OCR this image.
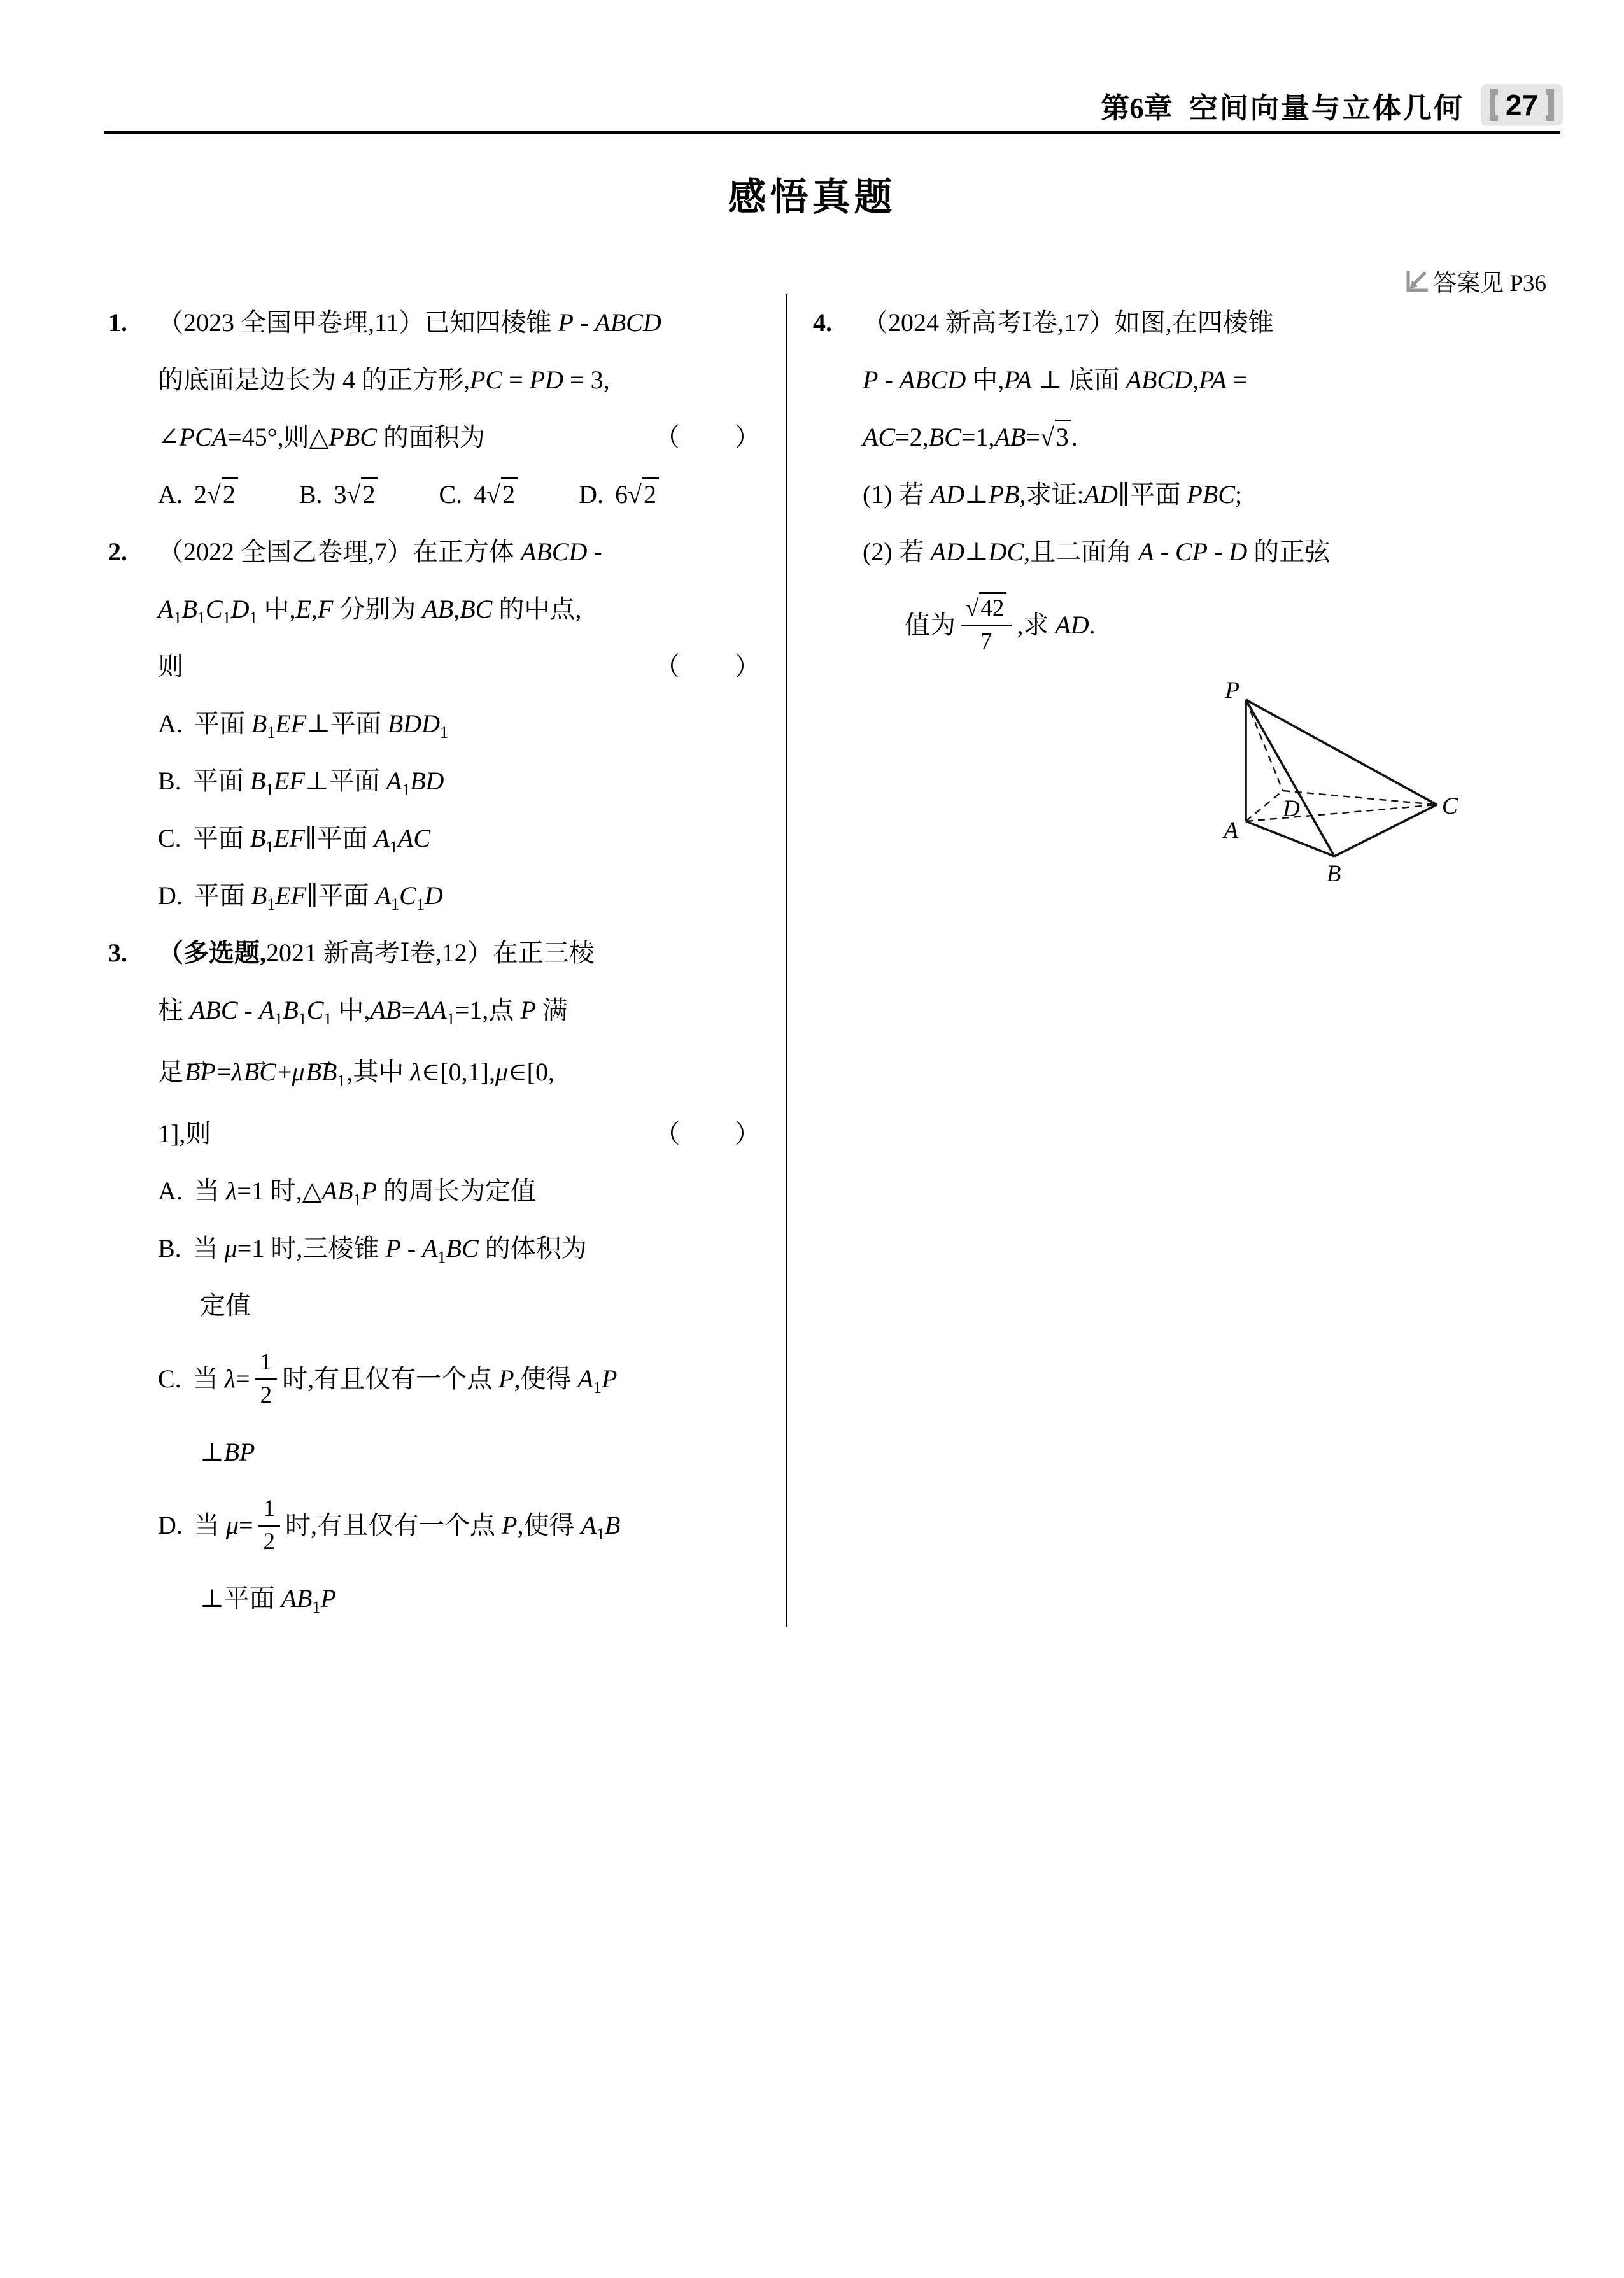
第6章 空间向量与立体几何 27
感悟真题
答案见 P36
1. （2023 全国甲卷理,11）已知四棱锥 P - ABCD
的底面是边长为 4 的正方形,PC = PD = 3,
∠PCA=45°,则△PBC 的面积为	（　　）
A. 2√2	B. 3√2	C. 4√2	D. 6√2
2. （2022 全国乙卷理,7）在正方体 ABCD -
$A_1B_1C_1D_1$ 中,E,F 分别为 AB,BC 的中点,
则	（　　）
A. 平面 $B_1EF\perp$平面 $BDD_1$
B. 平面 $B_1EF\perp$平面 $A_1BD$
C. 平面 $B_1EF\parallel$平面 $A_1AC$
D. 平面 $B_1EF\parallel$平面 $A_1C_1D$
3. （多选题,2021 新高考Ⅰ卷,12）在正三棱
柱 ABC - $A_1B_1C_1$ 中$,AB=AA_1=1$,点 P 满
足BP →=λBC →+μBB$_1$ →,其中 λ∈[0,1],μ∈[0,
1],则	（　　）
A. 当 λ=1 时$,\triangle AB_1P$ 的周长为定值
B. 当 μ=1 时,三棱锥 P - $A_1BC$ 的体积为
定值
C. 当 $\lambda= \frac{1}{2}$ 时,有且仅有一个点 P,使得 $A_1P$
⊥BP
D. 当 $\mu= \frac{1}{2}$ 时,有且仅有一个点 P,使得 $A_1B$
⊥平面 $AB_1P$
4. （2024 新高考Ⅰ卷,17）如图,在四棱锥
P - ABCD 中,PA ⊥ 底面 ABCD,PA =
AC=2,BC=1,AB=√3 .
(1) 若 AD⊥PB,求证:AD∥平面 PBC;
(2) 若 AD⊥DC,且二面角 A - CP - D 的正弦
值为 $\frac{√42}{7}$ ,求 AD.
P
A
B
C
D
